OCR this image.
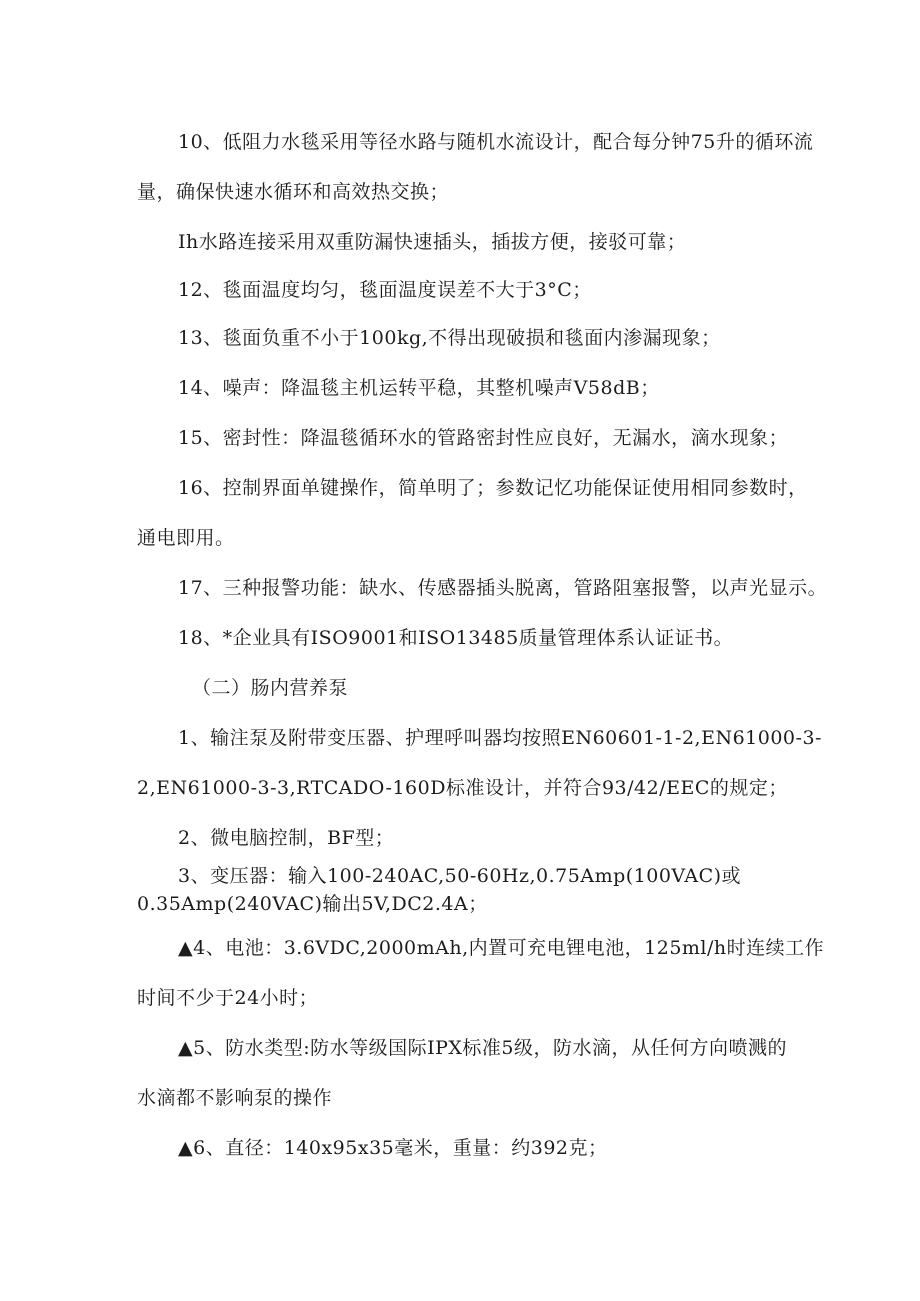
10、低阻力水毯采用等径水路与随机水流设计，配合每分钟75升的循环流
量，确保快速水循环和高效热交换；
Ih水路连接采用双重防漏快速插头，插拔方便，接驳可靠；
12、毯面温度均匀，毯面温度误差不大于3°C；
13、毯面负重不小于100kg,不得出现破损和毯面内渗漏现象；
14、噪声：降温毯主机运转平稳，其整机噪声V58dB；
15、密封性：降温毯循环水的管路密封性应良好，无漏水，滴水现象；
16、控制界面单键操作，简单明了；参数记忆功能保证使用相同参数时，
通电即用。
17、三种报警功能：缺水、传感器插头脱离，管路阻塞报警，以声光显示。
18、*企业具有ISO9001和ISO13485质量管理体系认证证书。
（二）肠内营养泵
1、输注泵及附带变压器、护理呼叫器均按照EN60601-1-2,EN61000-3-
2,EN61000-3-3,RTCADO-160D标准设计，并符合93/42/EEC的规定；
2、微电脑控制，BF型；
3、变压器：输入100-240AC,50-60Hz,0.75Amp(100VAC)或
0.35Amp(240VAC)输出5V,DC2.4A；
▲4、电池：3.6VDC,2000mAh,内置可充电锂电池，125ml/h时连续工作
时间不少于24小时；
▲5、防水类型:防水等级国际IPX标准5级，防水滴，从任何方向喷溅的
水滴都不影响泵的操作
▲6、直径：140x95x35毫米，重量：约392克；
